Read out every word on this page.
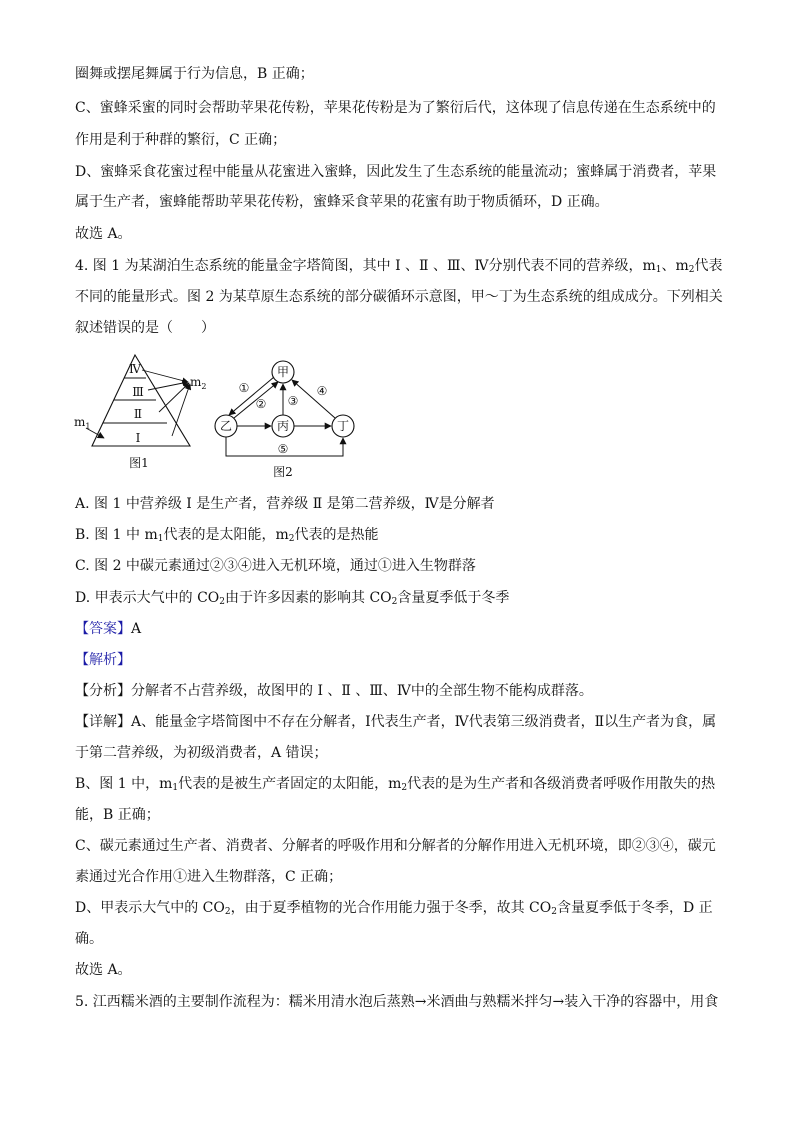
圈舞或摆尾舞属于行为信息，B 正确；
C、蜜蜂采蜜的同时会帮助苹果花传粉，苹果花传粉是为了繁衍后代，这体现了信息传递在生态系统中的
作用是利于种群的繁衍，C 正确；
D、蜜蜂采食花蜜过程中能量从花蜜进入蜜蜂，因此发生了生态系统的能量流动；蜜蜂属于消费者，苹果
属于生产者，蜜蜂能帮助苹果花传粉，蜜蜂采食苹果的花蜜有助于物质循环，D 正确。
故选 A。
4. 图 1 为某湖泊生态系统的能量金字塔简图，其中 Ⅰ 、Ⅱ 、Ⅲ、Ⅳ分别代表不同的营养级，$m_1$、$m_2$代表
不同的能量形式。图 2 为某草原生态系统的部分碳循环示意图，甲～丁为生态系统的组成成分。下列相关
叙述错误的是（　　）
Ⅳ
Ⅲ
Ⅱ
Ⅰ
$m_1$
$m_2$
图1
甲
乙	丙	丁
①
② ③
④
⑤
图2
A. 图 1 中营养级 Ⅰ 是生产者，营养级 Ⅱ 是第二营养级，Ⅳ是分解者
B. 图 1 中 $m_1$代表的是太阳能，$m_2$代表的是热能
C. 图 2 中碳元素通过②③④进入无机环境，通过①进入生物群落
D. 甲表示大气中的 $CO_2$由于许多因素的影响其 $CO_2$含量夏季低于冬季
【答案】A
【解析】
【分析】分解者不占营养级，故图甲的 Ⅰ 、Ⅱ 、Ⅲ、Ⅳ中的全部生物不能构成群落。
【详解】A、能量金字塔简图中不存在分解者，Ⅰ代表生产者，Ⅳ代表第三级消费者，Ⅱ以生产者为食，属
于第二营养级，为初级消费者，A 错误；
B、图 1 中，$m_1$代表的是被生产者固定的太阳能，$m_2$代表的是为生产者和各级消费者呼吸作用散失的热
能，B 正确；
C、碳元素通过生产者、消费者、分解者的呼吸作用和分解者的分解作用进入无机环境，即②③④，碳元
素通过光合作用①进入生物群落，C 正确；
D、甲表示大气中的 $CO_2$，由于夏季植物的光合作用能力强于冬季，故其 $CO_2$含量夏季低于冬季，D 正
确。
故选 A。
5. 江西糯米酒的主要制作流程为：糯米用清水泡后蒸熟→米酒曲与熟糯米拌匀→装入干净的容器中，用食
